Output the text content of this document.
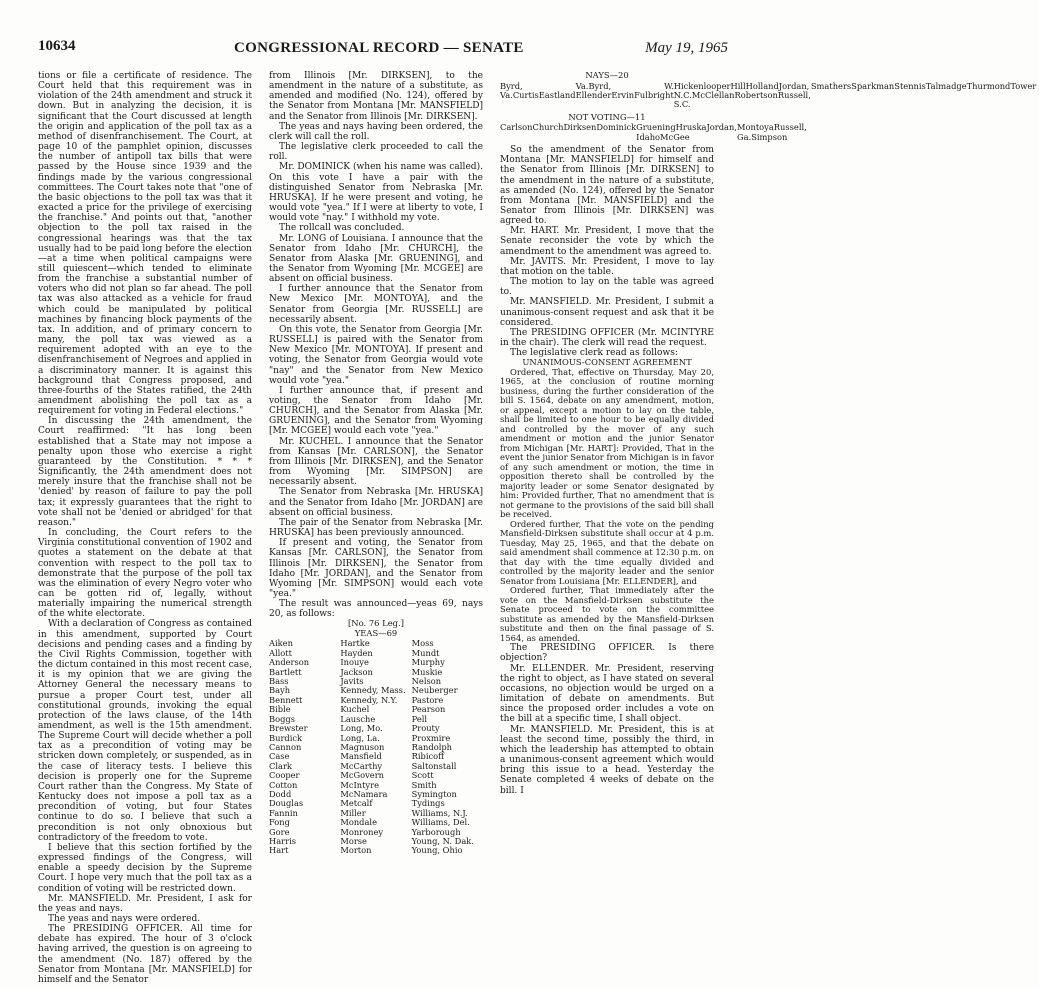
10634	CONGRESSIONAL RECORD — SENATE	May 19, 1965

tions or file a certificate of residence. The Court held that this requirement was in violation of the 24th amendment and struck it down. But in analyzing the decision, it is significant that the Court discussed at length the origin and application of the poll tax as a method of disenfranchisement. The Court, at page 10 of the pamphlet opinion, discusses the number of antipoll tax bills that were passed by the House since 1939 and the findings made by the various congressional committees. The Court takes note that "one of the basic objections to the poll tax was that it exacted a price for the privilege of exercising the franchise." And points out that, "another objection to the poll tax raised in the congressional hearings was that the tax usually had to be paid long before the election—at a time when political campaigns were still quiescent—which tended to eliminate from the franchise a substantial number of voters who did not plan so far ahead. The poll tax was also attacked as a vehicle for fraud which could be manipulated by political machines by financing block payments of the tax. In addition, and of primary concern to many, the poll tax was viewed as a requirement adopted with an eye to the disenfranchisement of Negroes and applied in a discriminatory manner. It is against this background that Congress proposed, and three-fourths of the States ratified, the 24th amendment abolishing the poll tax as a requirement for voting in Federal elections."

In discussing the 24th amendment, the Court reaffirmed: "It has long been established that a State may not impose a penalty upon those who exercise a right guaranteed by the Constitution. * * * Significantly, the 24th amendment does not merely insure that the franchise shall not be 'denied' by reason of failure to pay the poll tax; it expressly guarantees that the right to vote shall not be 'denied or abridged' for that reason."

In concluding, the Court refers to the Virginia constitutional convention of 1902 and quotes a statement on the debate at that convention with respect to the poll tax to demonstrate that the purpose of the poll tax was the elimination of every Negro voter who can be gotten rid of, legally, without materially impairing the numerical strength of the white electorate.

With a declaration of Congress as contained in this amendment, supported by Court decisions and pending cases and a finding by the Civil Rights Commission, together with the dictum contained in this most recent case, it is my opinion that we are giving the Attorney General the necessary means to pursue a proper Court test, under all constitutional grounds, invoking the equal protection of the laws clause, of the 14th amendment, as well is the 15th amendment. The Supreme Court will decide whether a poll tax as a precondition of voting may be stricken down completely, or suspended, as in the case of literacy tests. I believe this decision is properly one for the Supreme Court rather than the Congress. My State of Kentucky does not impose a poll tax as a precondition of voting, but four States continue to do so. I believe that such a precondition is not only obnoxious but contradictory of the freedom to vote.

I believe that this section fortified by the expressed findings of the Congress, will enable a speedy decision by the Supreme Court. I hope very much that the poll tax as a condition of voting will be restricted down.

Mr. MANSFIELD. Mr. President, I ask for the yeas and nays.

The yeas and nays were ordered.

The PRESIDING OFFICER. All time for debate has expired. The hour of 3 o'clock having arrived, the question is on agreeing to the amendment (No. 187) offered by the Senator from Montana [Mr. MANSFIELD] for himself and the Senator

from Illinois [Mr. DIRKSEN], to the amendment in the nature of a substitute, as amended and modified (No. 124), offered by the Senator from Montana [Mr. MANSFIELD] and the Senator from Illinois [Mr. DIRKSEN].

The yeas and nays having been ordered, the clerk will call the roll.

The legislative clerk proceeded to call the roll.

Mr. DOMINICK (when his name was called). On this vote I have a pair with the distinguished Senator from Nebraska [Mr. HRUSKA]. If he were present and voting, he would vote "yea." If I were at liberty to vote, I would vote "nay." I withhold my vote.

The rollcall was concluded.

Mr. LONG of Louisiana. I announce that the Senator from Idaho [Mr. CHURCH], the Senator from Alaska [Mr. GRUENING], and the Senator from Wyoming [Mr. MCGEE] are absent on official business.

I further announce that the Senator from New Mexico [Mr. MONTOYA], and the Senator from Georgia [Mr. RUSSELL] are necessarily absent.

On this vote, the Senator from Georgia [Mr. RUSSELL] is paired with the Senator from New Mexico [Mr. MONTOYA]. If present and voting, the Senator from Georgia would vote "nay" and the Senator from New Mexico would vote "yea."

I further announce that, if present and voting, the Senator from Idaho [Mr. CHURCH], and the Senator from Alaska [Mr. GRUENING], and the Senator from Wyoming [Mr. MCGEE] would each vote "yea."

Mr. KUCHEL. I announce that the Senator from Kansas [Mr. CARLSON], the Senator from Illinois [Mr. DIRKSEN], and the Senator from Wyoming [Mr. SIMPSON] are necessarily absent.

The Senator from Nebraska [Mr. HRUSKA] and the Senator from Idaho [Mr. JORDAN] are absent on official business.

The pair of the Senator from Nebraska [Mr. HRUSKA] has been previously announced.

If present and voting, the Senator from Kansas [Mr. CARLSON], the Senator from Illinois [Mr. DIRKSEN], the Senator from Idaho [Mr. JORDAN], and the Senator from Wyoming [Mr. SIMPSON] would each vote "yea."

The result was announced—yeas 69, nays 20, as follows:

[No. 76 Leg.]

YEAS—69

Aiken
Allott
Anderson
Bartlett
Bass
Bayh
Bennett
Bible
Boggs
Brewster
Burdick
Cannon
Case
Clark
Cooper
Cotton
Dodd
Douglas
Fannin
Fong
Gore
Harris
Hart
Hartke
Hayden
Inouye
Jackson
Javits
Kennedy, Mass.
Kennedy, N.Y.
Kuchel
Lausche
Long, Mo.
Long, La.
Magnuson
Mansfield
McCarthy
McGovern
McIntyre
McNamara
Metcalf
Miller
Mondale
Monroney
Morse
Morton
Moss
Mundt
Murphy
Muskie
Nelson
Neuberger
Pastore
Pearson
Pell
Prouty
Proxmire
Randolph
Ribicoff
Saltonstall
Scott
Smith
Symington
Tydings
Williams, N.J.
Williams, Del.
Yarborough
Young, N. Dak.
Young, Ohio

NAYS—20

Byrd, Va.Byrd, W. Va.CurtisEastlandEllenderErvinFulbright
HickenlooperHillHollandJordan, N.C.McClellanRobertsonRussell, S.C.
SmathersSparkmanStennisTalmadgeThurmondTower

NOT VOTING—11

CarlsonChurchDirksenDominick GrueningHruskaJordan, IdahoMcGee
MontoyaRussell, Ga.Simpson

So the amendment of the Senator from Montana [Mr. MANSFIELD] for himself and the Senator from Illinois [Mr. DIRKSEN] to the amendment in the nature of a substitute, as amended (No. 124), offered by the Senator from Montana [Mr. MANSFIELD] and the Senator from Illinois [Mr. DIRKSEN] was agreed to.

Mr. HART. Mr. President, I move that the Senate reconsider the vote by which the amendment to the amendment was agreed to.

Mr. JAVITS. Mr. President, I move to lay that motion on the table.

The motion to lay on the table was agreed to.

Mr. MANSFIELD. Mr. President, I submit a unanimous-consent request and ask that it be considered.

The PRESIDING OFFICER (Mr. MCINTYRE in the chair). The clerk will read the request.

The legislative clerk read as follows:

UNANIMOUS-CONSENT AGREEMENT

Ordered, That, effective on Thursday, May 20, 1965, at the conclusion of routine morning business, during the further consideration of the bill S. 1564, debate on any amendment, motion, or appeal, except a motion to lay on the table, shall be limited to one hour to be equally divided and controlled by the mover of any such amendment or motion and the junior Senator from Michigan [Mr. HART]: Provided, That in the event the junior Senator from Michigan is in favor of any such amendment or motion, the time in opposition thereto shall be controlled by the majority leader or some Senator designated by him: Provided further, That no amendment that is not germane to the provisions of the said bill shall be received.

Ordered further, That the vote on the pending Mansfield-Dirksen substitute shall occur at 4 p.m. Tuesday, May 25, 1965, and that the debate on said amendment shall commence at 12:30 p.m. on that day with the time equally divided and controlled by the majority leader and the senior Senator from Louisiana [Mr. ELLENDER], and

Ordered further, That immediately after the vote on the Mansfield-Dirksen substitute the Senate proceed to vote on the committee substitute as amended by the Mansfield-Dirksen substitute and then on the final passage of S. 1564, as amended.

The PRESIDING OFFICER. Is there objection?

Mr. ELLENDER. Mr. President, reserving the right to object, as I have stated on several occasions, no objection would be urged on a limitation of debate on amendments. But since the proposed order includes a vote on the bill at a specific time, I shall object.

Mr. MANSFIELD. Mr. President, this is at least the second time, possibly the third, in which the leadership has attempted to obtain a unanimous-consent agreement which would bring this issue to a head. Yesterday the Senate completed 4 weeks of debate on the bill. I
